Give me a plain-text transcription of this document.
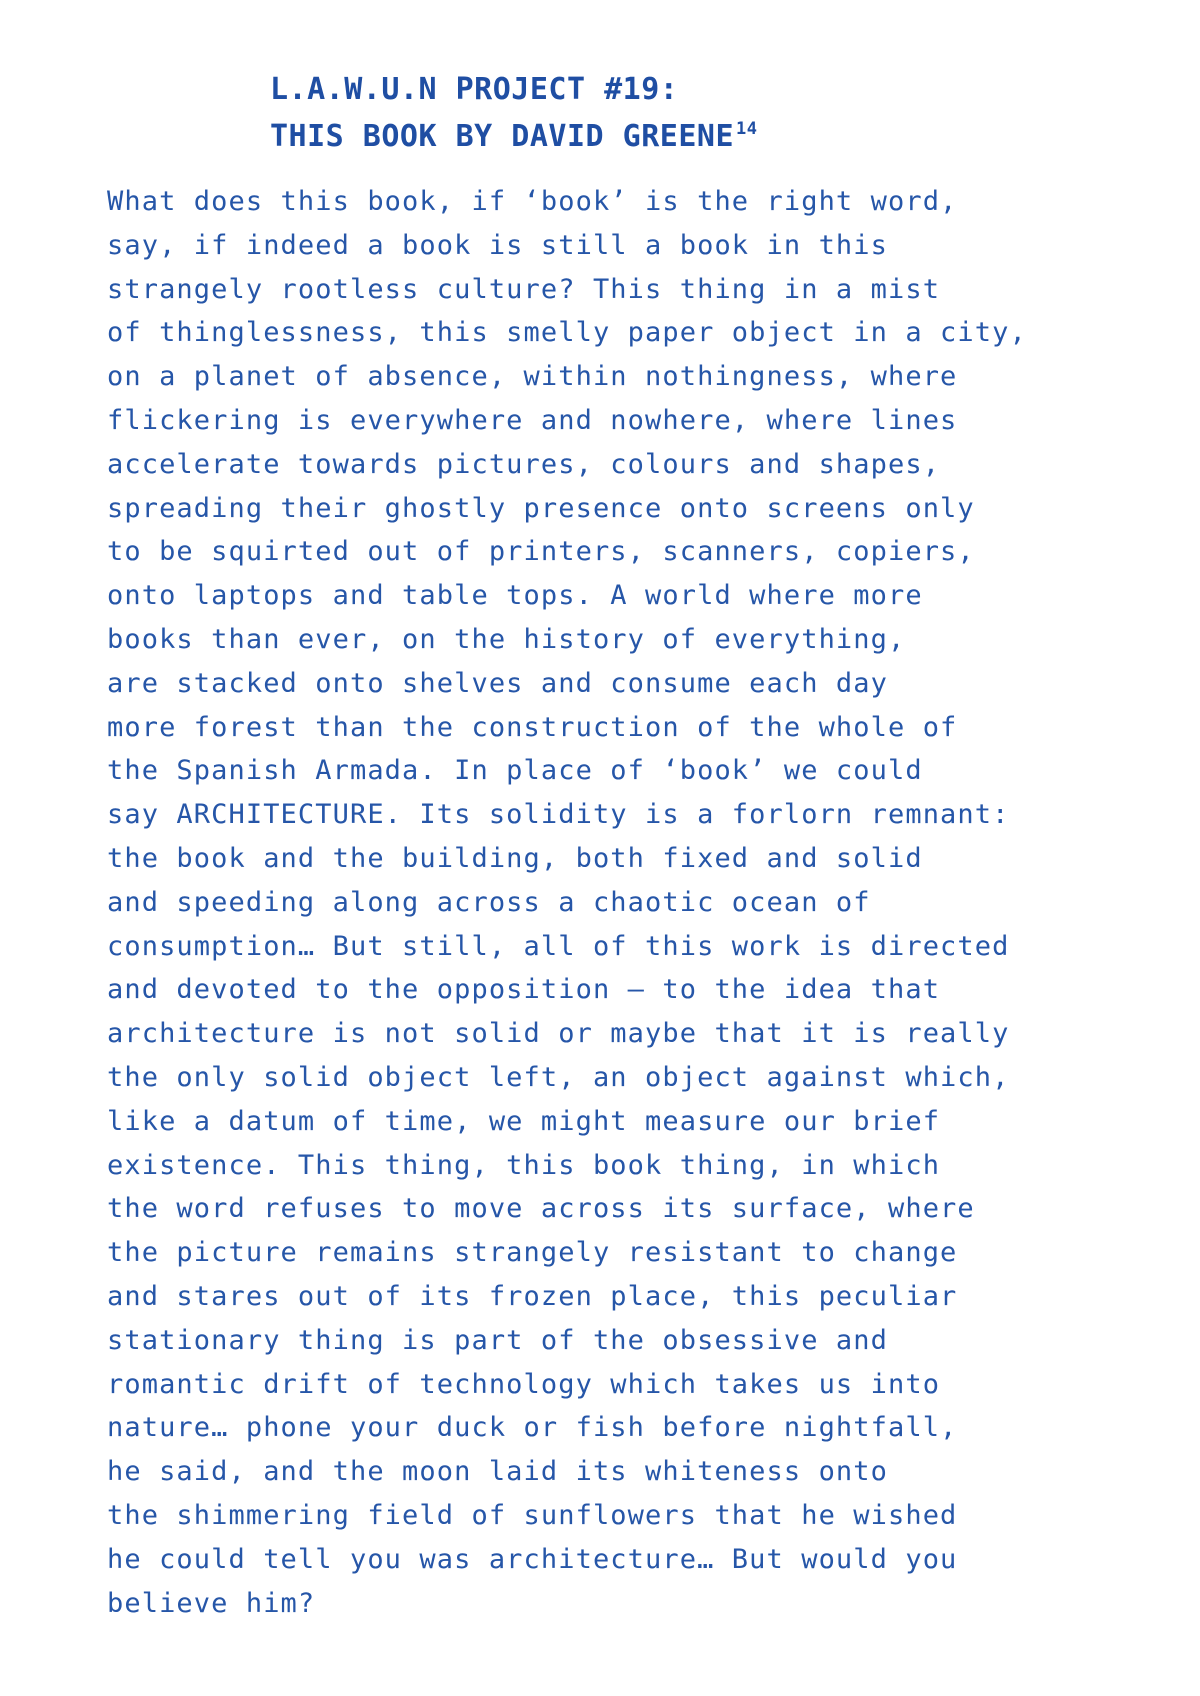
L.A.W.U.N PROJECT #19:
THIS BOOK BY DAVID GREENE $^{14}$
What does this book, if ‘book’ is the right word,
say, if indeed a book is still a book in this
strangely rootless culture? This thing in a mist
of thinglessness, this smelly paper object in a city,
on a planet of absence, within nothingness, where
flickering is everywhere and nowhere, where lines
accelerate towards pictures, colours and shapes,
spreading their ghostly presence onto screens only
to be squirted out of printers, scanners, copiers,
onto laptops and table tops. A world where more
books than ever, on the history of everything,
are stacked onto shelves and consume each day
more forest than the construction of the whole of
the Spanish Armada. In place of ‘book’ we could
say ARCHITECTURE. Its solidity is a forlorn remnant:
the book and the building, both fixed and solid
and speeding along across a chaotic ocean of
consumption… But still, all of this work is directed
and devoted to the opposition – to the idea that
architecture is not solid or maybe that it is really
the only solid object left, an object against which,
like a datum of time, we might measure our brief
existence. This thing, this book thing, in which
the word refuses to move across its surface, where
the picture remains strangely resistant to change
and stares out of its frozen place, this peculiar
stationary thing is part of the obsessive and
romantic drift of technology which takes us into
nature… phone your duck or fish before nightfall,
he said, and the moon laid its whiteness onto
the shimmering field of sunflowers that he wished
he could tell you was architecture… But would you
believe him?
